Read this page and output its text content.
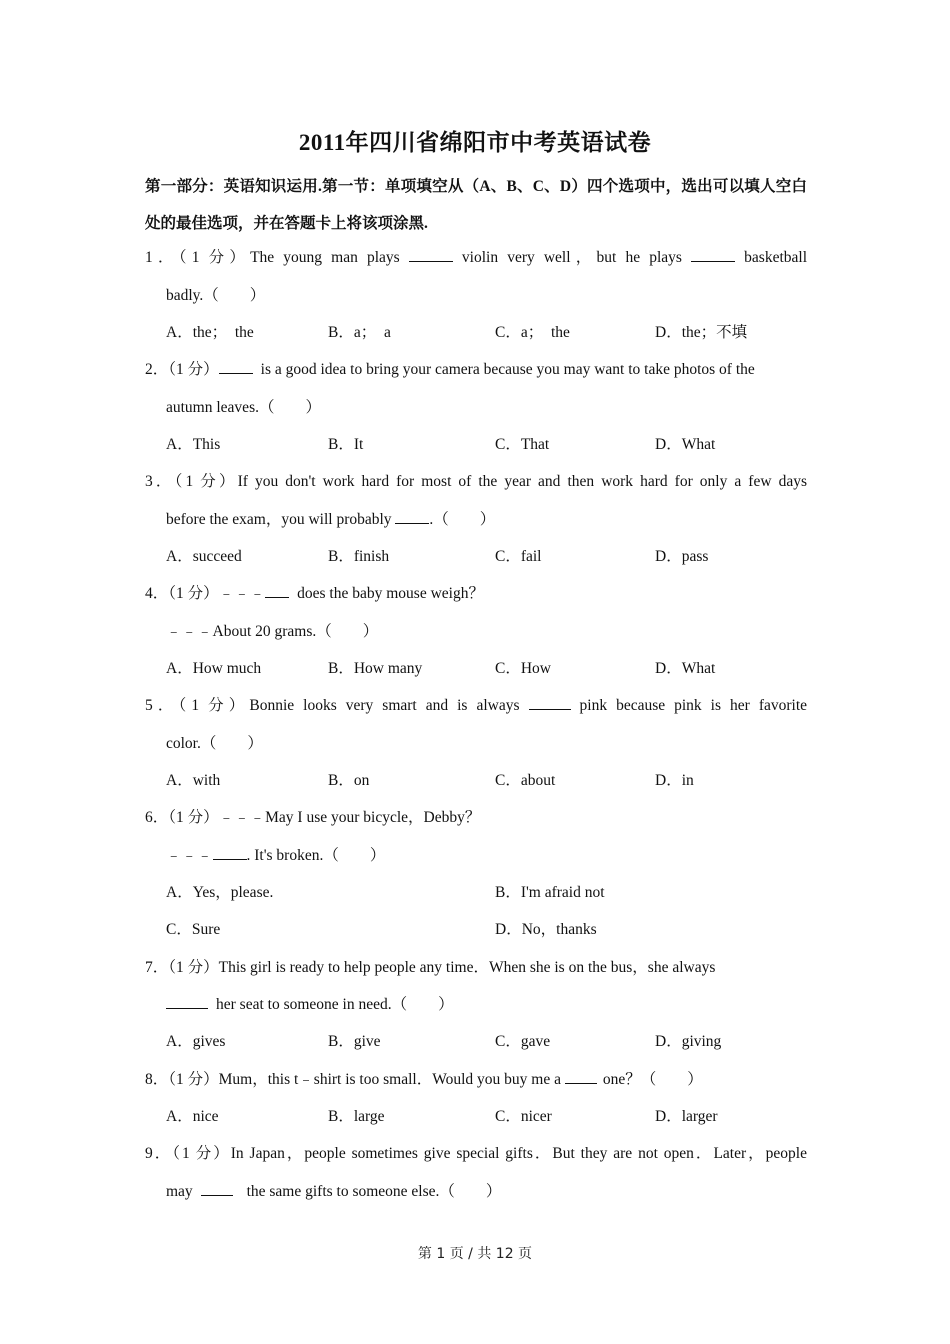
2011年四川省绵阳市中考英语试卷
第一部分：英语知识运用.第一节：单项填空从（A、B、C、D）四个选项中，选出可以填人空白处的最佳选项，并在答题卡上将该项涂黑.
1．（1 分）The young man plays	violin very well，but he plays	basketball
badly.（　　）
A．the；　the	B．a；　a	C．a；　the	D．the；不填
2．（1 分）	is a good idea to bring your camera because you may want to take photos of the
autumn leaves.（　　）
A．This	B．It	C．That	D．What
3．（1 分）If you don't work hard for most of the year and then work hard for only a few days
before the exam，you will probably .（　　）
A．succeed	B．finish	C．fail	D．pass
4．（1 分）﹣﹣﹣ does the baby mouse weigh？
﹣﹣﹣About 20 grams.（　　）
A．How much	B．How many	C．How	D．What
5．（1 分）Bonnie looks very smart and is always	pink because pink is her favorite
color.（　　）
A．with	B．on	C．about	D．in
6．（1 分）﹣﹣﹣May I use your bicycle，Debby？
﹣﹣﹣ . It's broken.（　　）
A．Yes，please.	B．I'm afraid not
C．Sure	D．No，thanks
7．（1 分）This girl is ready to help people any time．When she is on the bus，she always
her seat to someone in need.（　　）
A．gives	B．give	C．gave	D．giving
8．（1 分）Mum，this t﹣shirt is too small．Would you buy me a	one？（　　）
A．nice	B．large	C．nicer	D．larger
9．（1 分）In Japan，people sometimes give special gifts．But they are not open．Later，people
may	the same gifts to someone else.（　　）
第 1 页 / 共 12 页
